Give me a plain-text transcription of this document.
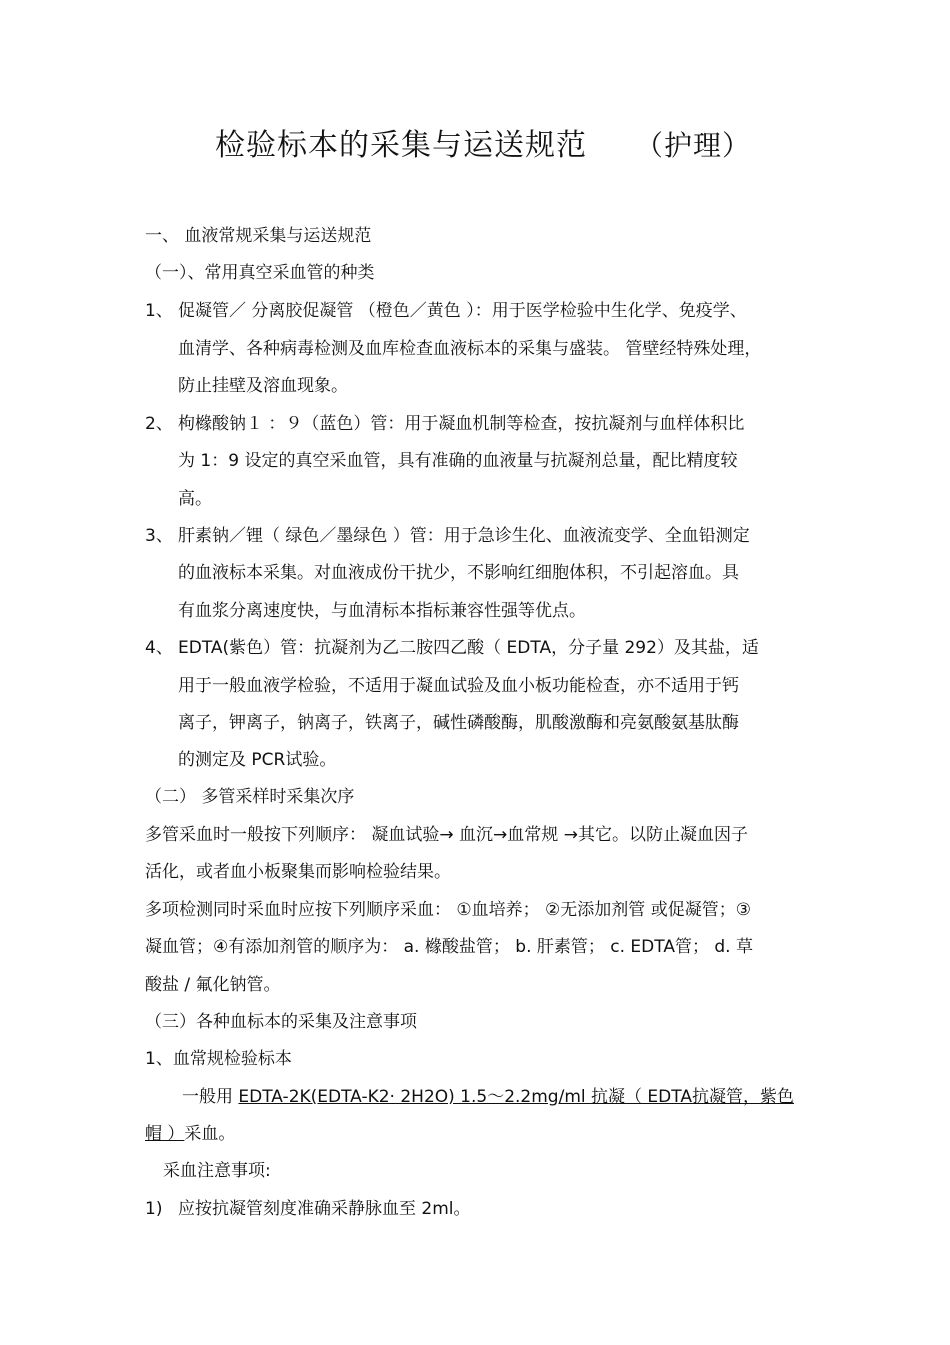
检验标本的采集与运送规范 （护理）
一、 血液常规采集与运送规范
（一）、常用真空采血管的种类
1、 促凝管／ 分离胶促凝管 （橙色／黄色 ）：用于医学检验中生化学、免疫学、
血清学、各种病毒检测及血库检查血液标本的采集与盛装。 管壁经特殊处理，
防止挂壁及溶血现象。
2、 枸橼酸钠１ ：９（蓝色）管：用于凝血机制等检查，按抗凝剂与血样体积比
为 1：9 设定的真空采血管，具有准确的血液量与抗凝剂总量，配比精度较
高。
3、 肝素钠／锂（ 绿色／墨绿色 ）管：用于急诊生化、血液流变学、全血铅测定
的血液标本采集。对血液成份干扰少，不影响红细胞体积，不引起溶血。具
有血浆分离速度快，与血清标本指标兼容性强等优点。
4、 EDTA(紫色）管：抗凝剂为乙二胺四乙酸（ EDTA，分子量 292）及其盐，适
用于一般血液学检验，不适用于凝血试验及血小板功能检查，亦不适用于钙
离子，钾离子，钠离子，铁离子，碱性磷酸酶，肌酸激酶和亮氨酸氨基肽酶
的测定及 PCR试验。
（二） 多管采样时采集次序
多管采血时一般按下列顺序： 凝血试验→ 血沉→血常规 →其它。以防止凝血因子
活化，或者血小板聚集而影响检验结果。
多项检测同时采血时应按下列顺序采血： ①血培养； ②无添加剂管 或促凝管；③
凝血管；④有添加剂管的顺序为： a. 橼酸盐管； b. 肝素管； c. EDTA管； d. 草
酸盐 / 氟化钠管。
（三）各种血标本的采集及注意事项
1、血常规检验标本
一般用 EDTA-2K(EDTA-K2· 2H2O) 1.5～2.2mg/ml 抗凝（ EDTA抗凝管，紫色
帽 ）采血。
采血注意事项:
1) 应按抗凝管刻度准确采静脉血至 2ml。
